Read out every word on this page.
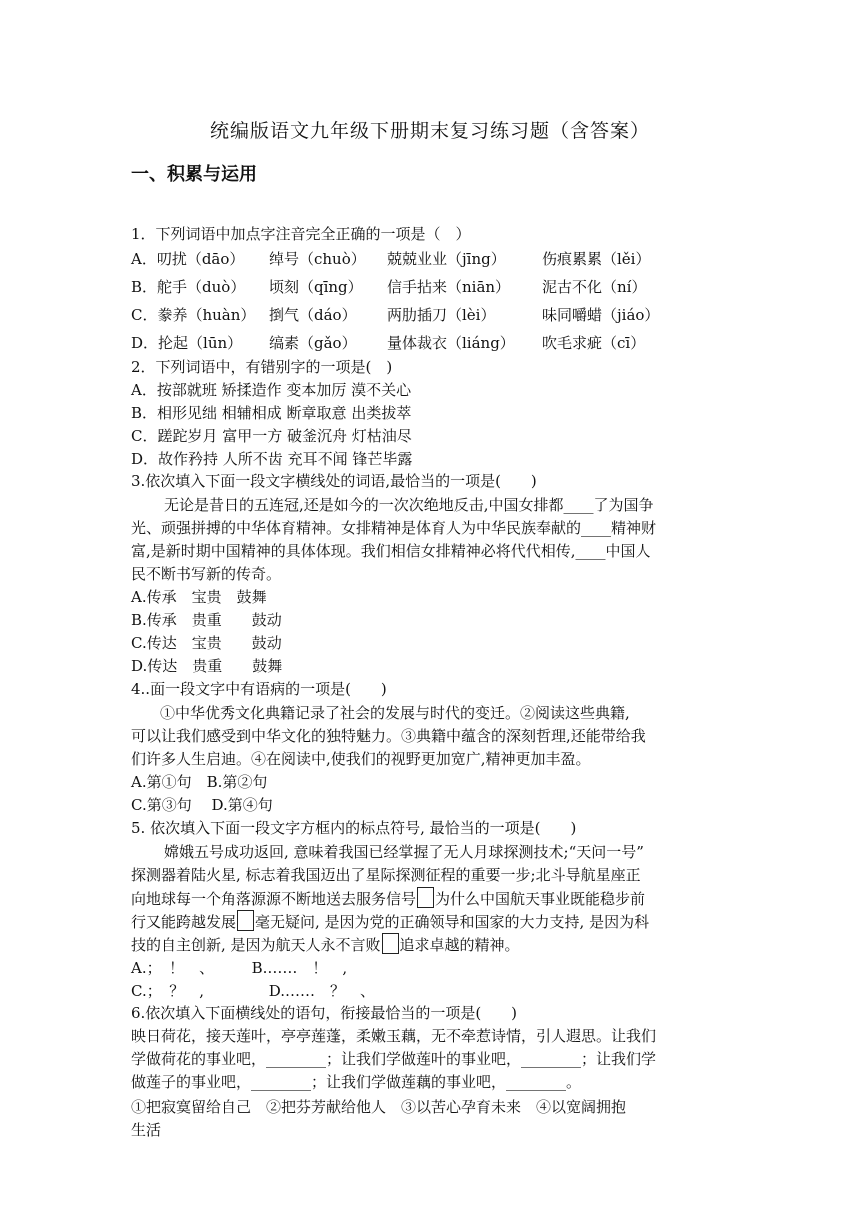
统编版语文九年级下册期末复习练习题（含答案）
一、积累与运用
1．下列词语中加点字注音完全正确的一项是（　）
A．叨扰（dāo） 绰号（chuò） 兢兢业业（jīng） 伤痕累累（lěi）
B．舵手（duò） 顷刻（qīng） 信手拈来（niān） 泥古不化（ní）
C．豢养（huàn） 捯气（dáo） 两肋插刀（lèi）	味同嚼蜡（jiáo）
D．抡起（lūn） 缟素（gǎo） 量体裁衣（liáng） 吹毛求疵（cī）
2．下列词语中，有错别字的一项是(　)
A．按部就班 矫揉造作 变本加厉 漠不关心
B．相形见绌 相辅相成 断章取意 出类拔萃
C．蹉跎岁月 富甲一方 破釜沉舟 灯枯油尽
D．故作矜持 人所不齿 充耳不闻 锋芒毕露
3.依次填入下面一段文字横线处的词语,最恰当的一项是(　　)
无论是昔日的五连冠,还是如今的一次次绝地反击,中国女排都____了为国争
光、顽强拼搏的中华体育精神。女排精神是体育人为中华民族奉献的____精神财
富,是新时期中国精神的具体体现。我们相信女排精神必将代代相传,____中国人
民不断书写新的传奇。
A.传承　宝贵　鼓舞
B.传承　贵重　　鼓动
C.传达　宝贵　　鼓动
D.传达　贵重　　鼓舞
4..面一段文字中有语病的一项是(　　)
①中华优秀文化典籍记录了社会的发展与时代的变迁。②阅读这些典籍,
可以让我们感受到中华文化的独特魅力。③典籍中蕴含的深刻哲理,还能带给我
们许多人生启迪。④在阅读中,使我们的视野更加宽广,精神更加丰盈。
A.第①句　B.第②句
C.第③句　 D.第④句
5. 依次填入下面一段文字方框内的标点符号, 最恰当的一项是(　　)
嫦娥五号成功返回, 意味着我国已经掌握了无人月球探测技术;“天问一号”
探测器着陆火星, 标志着我国迈出了星际探测征程的重要一步;北斗导航星座正
向地球每一个角落源源不断地送去服务信号 为什么中国航天事业既能稳步前
行又能跨越发展 毫无疑问, 是因为党的正确领导和国家的大力支持, 是因为科
技的自主创新, 是因为航天人永不言败 追求卓越的精神。
A.；　！　、　　　B.……　！　,
C.；　？　,　　　　 D.……　？　、
6.依次填入下面横线处的语句，衔接最恰当的一项是(　　)
映日荷花，接天莲叶，亭亭莲蓬，柔嫩玉藕，无不牵惹诗情，引人遐思。让我们
学做荷花的事业吧，________；让我们学做莲叶的事业吧，________；让我们学
做莲子的事业吧，________；让我们学做莲藕的事业吧，________。
①把寂寞留给自己　②把芬芳献给他人　③以苦心孕育未来　④以宽阔拥抱
生活
